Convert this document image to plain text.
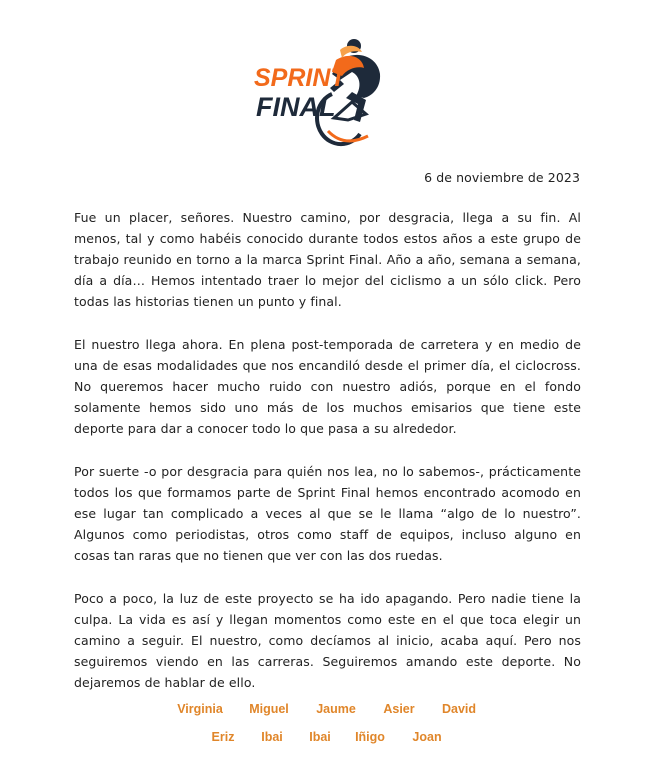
SPRINT
FINAL
6 de noviembre de 2023

Fue un placer, señores. Nuestro camino, por desgracia, llega a su fin. Al menos, tal y como habéis conocido durante todos estos años a este grupo de trabajo reunido en torno a la marca Sprint Final. Año a año, semana a semana, día a día… Hemos intentado traer lo mejor del ciclismo a un sólo click. Pero todas las historias tienen un punto y final.

El nuestro llega ahora. En plena post-temporada de carretera y en medio de una de esas modalidades que nos encandiló desde el primer día, el ciclocross. No queremos hacer mucho ruido con nuestro adiós, porque en el fondo solamente hemos sido uno más de los muchos emisarios que tiene este deporte para dar a conocer todo lo que pasa a su alrededor.

Por suerte -o por desgracia para quién nos lea, no lo sabemos-, prácticamente todos los que formamos parte de Sprint Final hemos encontrado acomodo en ese lugar tan complicado a veces al que se le llama “algo de lo nuestro”. Algunos como periodistas, otros como staff de equipos, incluso alguno en cosas tan raras que no tienen que ver con las dos ruedas.

Poco a poco, la luz de este proyecto se ha ido apagando. Pero nadie tiene la culpa. La vida es así y llegan momentos como este en el que toca elegir un camino a seguir. El nuestro, como decíamos al inicio, acaba aquí. Pero nos seguiremos viendo en las carreras. Seguiremos amando este deporte. No dejaremos de hablar de ello.

Virginia Miguel Jaume Asier David
Eriz Ibai Ibai Iñigo Joan
